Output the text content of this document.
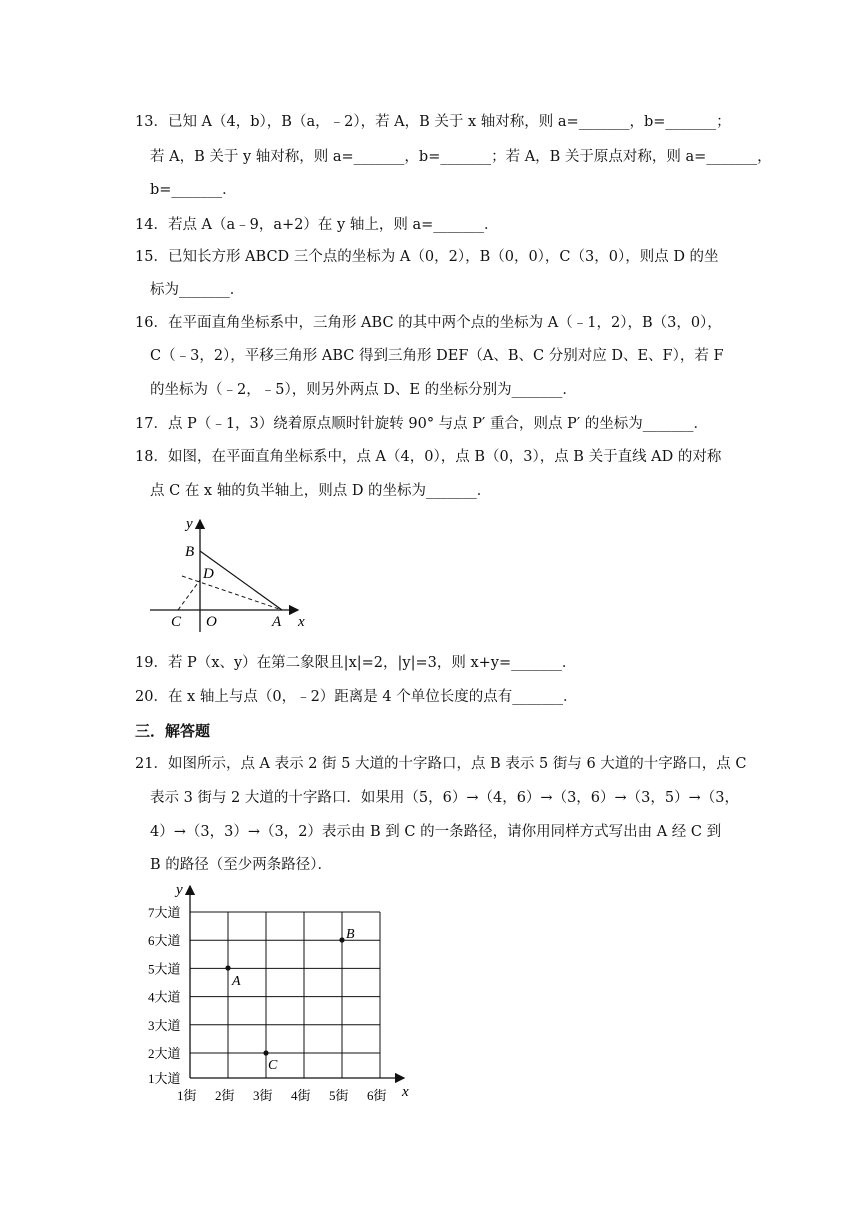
13．已知 A（4，b），B（a，﹣2），若 A，B 关于 x 轴对称，则 a=_______，b=_______；
若 A，B 关于 y 轴对称，则 a=_______，b=_______；若 A，B 关于原点对称，则 a=_______，
b=_______．
14．若点 A（a﹣9，a+2）在 y 轴上，则 a=_______．
15．已知长方形 ABCD 三个点的坐标为 A（0，2），B（0，0），C（3，0），则点 D 的坐
标为_______．
16．在平面直角坐标系中，三角形 ABC 的其中两个点的坐标为 A（﹣1，2），B（3，0），
C（﹣3，2），平移三角形 ABC 得到三角形 DEF（A、B、C 分别对应 D、E、F），若 F
的坐标为（﹣2，﹣5），则另外两点 D、E 的坐标分别为_______．
17．点 P（﹣1，3）绕着原点顺时针旋转 90° 与点 P′ 重合，则点 P′ 的坐标为_______．
18．如图，在平面直角坐标系中，点 A（4，0），点 B（0，3），点 B 关于直线 AD 的对称
点 C 在 x 轴的负半轴上，则点 D 的坐标为_______．
y
x
B
D
C O	A
19．若 P（x、y）在第二象限且|x|=2，|y|=3，则 x+y=_______．
20．在 x 轴上与点（0，﹣2）距离是 4 个单位长度的点有_______．
三．解答题
21．如图所示，点 A 表示 2 街 5 大道的十字路口，点 B 表示 5 街与 6 大道的十字路口，点 C
表示 3 街与 2 大道的十字路口．如果用（5，6）→（4，6）→（3，6）→（3，5）→（3，
4）→（3，3）→（3，2）表示由 B 到 C 的一条路径，请你用同样方式写出由 A 经 C 到
B 的路径（至少两条路径）．
y
x
7大道
6大道
5大道
4大道
3大道
2大道
1大道
1街 2街 3街 4街 5街 6街
A
B
C
